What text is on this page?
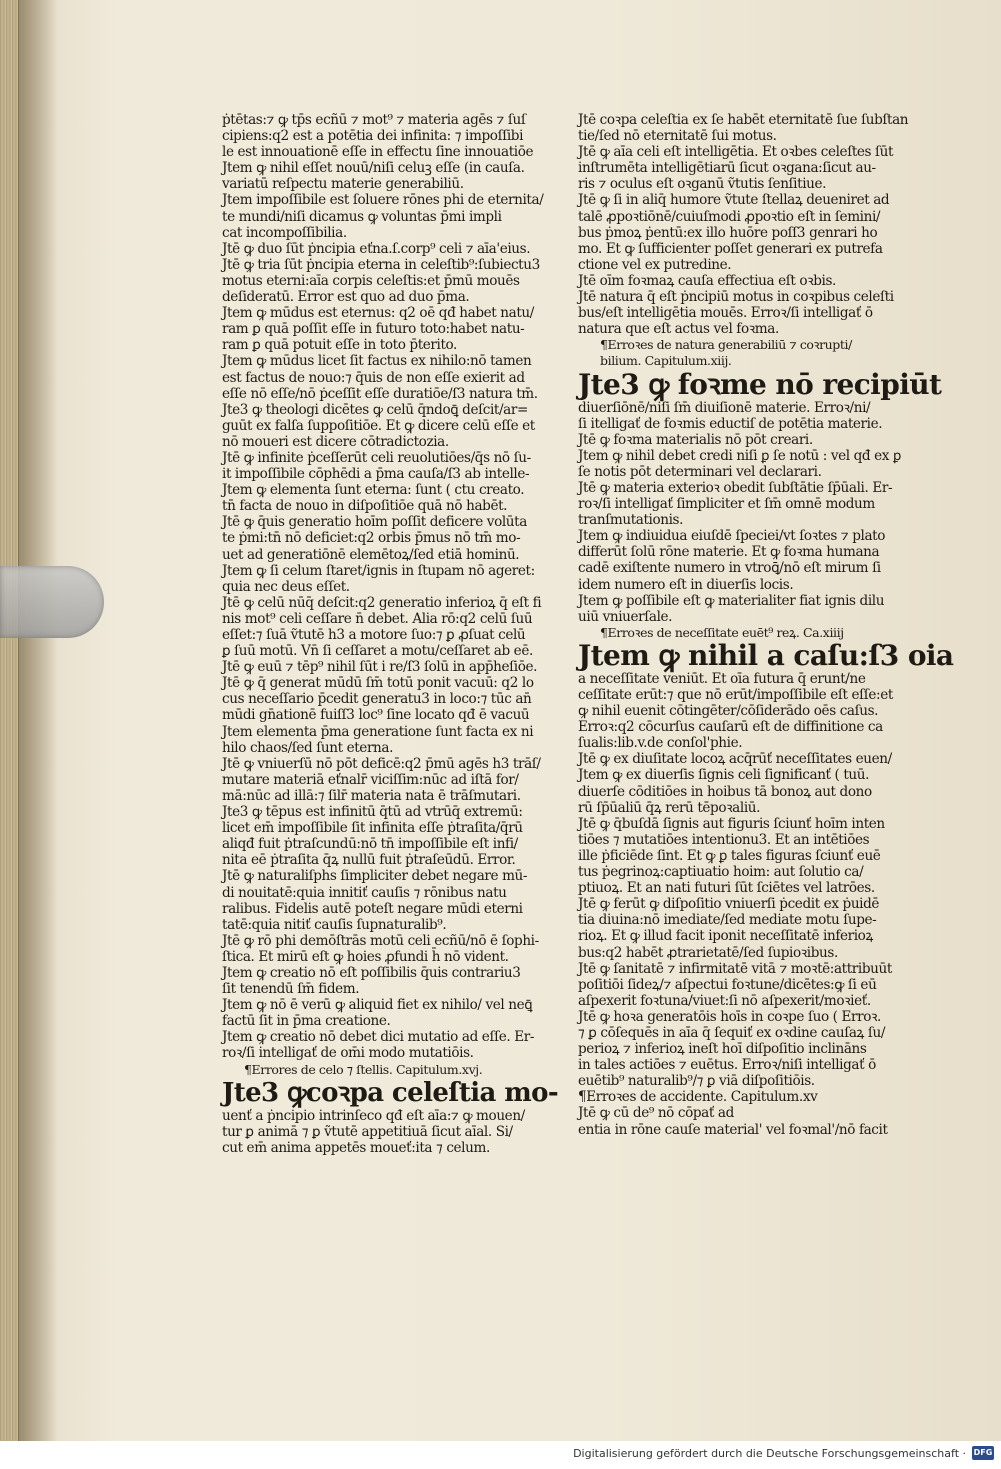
ṗtētas:⁊ ꝙ tp̄s ecñū ⁊ mot⁹ ⁊ materia agēs ⁊ ſuſ
cipiens:q2 est a potētia dei infinita: ⁊ impoſſibi
le est innouationē eſſe in effectu ſine innouatiōe
Jtem ꝙ nihil eſſet nouū/niſi celuꝫ eſſe (in cauſa.
variatū reſpectu materie generabiliū.
Jtem impoſſibile est ſoluere rōnes phi de eternita/
te mundi/niſi dicamus ꝙ voluntas p̄mi impli
cat incompoſſibilia.
Jtē ꝙ duo ſūt ṗncipia eťna.ſ.corp⁹ celi ⁊ aīa'eius.
Jtē ꝙ tria ſūt ṗncipia eterna in celeſtib⁹:ſubiectu3
motus eterni:aīa corpis celeſtis:et p̄mū mouēs
deſideratū. Error est quo ad duo p̄ma.
Jtem ꝙ mūdus est eternus: q2 oē qđ habet natu/
ram ꝑ quā poſſit eſſe in futuro toto:habet natu-
ram ꝑ quā potuit eſſe in toto p̄terito.
Jtem ꝙ mūdus licet ſit factus ex nihilo:nō tamen
est factus de nouo:⁊ q̄uis de non eſſe exierit ad
eſſe nō eſſe/nō ṗceſſit eſſe duratiōe/ſ3 natura tm̄.
Jte3 ꝙ theologi dicētes ꝙ celū q̄ndoꝗ̄ deſcit/ar=
guūt ex falſa ſuppoſitiōe. Et ꝙ dicere celū eſſe et
nō moueri est dicere cōtradictozia.
Jtē ꝙ infinite ṗceſſerūt celi reuolutiōes/q̄s nō ſu-
it impoſſibile cōphēdi a p̄ma cauſa/ſ3 ab intelle-
Jtem ꝙ elementa ſunt eterna: ſunt ( ctu creato.
tn̄ facta de nouo in diſpoſitiōe quā nō habēt.
Jtē ꝙ q̄uis generatio hoīm poſſit deficere volūta
te ṗmi:tn̄ nō deficiet:q2 orbis p̄mus nō tm̄ mo-
uet ad generatiōnē elemētoꝝ/ſed etiā hominū.
Jtem ꝙ ſi celum ſtaret/ignis in ſtupam nō ageret:
quia nec deus eſſet.
Jtē ꝙ celū nūq̄ deſcit:q2 generatio inferioꝝ q̄ eſt fi
nis mot⁹ celi ceſſare n̄ debet. Alia rō:q2 celū ſuū
eſſet:⁊ ſuā ṽtutē h3 a motore ſuo:⁊ ꝑ ꝓſuat celū
ꝑ ſuū motū. Vn̄ ſi ceſſaret a motu/ceſſaret ab eē.
Jtē ꝙ euū ⁊ tēp⁹ nihil ſūt i re/ſ3 ſolū in app̄heſiōe.
Jtē ꝙ q̄ generat mūdū ſm̄ totū ponit vacuū: q2 lo
cus neceſſario p̄cedit generatu3 in loco:⁊ tūc an̄
mūdi gn̄ationē fuiſſ3 loc⁹ ſine locato qđ ē vacuū
Jtem elementa p̄ma generatione ſunt facta ex ni
hilo chaos/ſed ſunt eterna.
Jtē ꝙ vniuerſū nō pōt deficē:q2 p̄mū agēs h3 trāſ/
mutare materiā eťnalr̄ viciſſim:nūc ad iſtā for/
mā:nūc ad illā:⁊ ſilr̄ materia nata ē trāſmutari.
Jte3 ꝙ tēpus est infinitū q̄tū ad vtrūq̄ extremū:
licet em̄ impoſſibile ſit infinita eſſe ṗtraſita/q̄rū
aliqđ fuit ṗtraſcundū:nō tn̄ impoſſibile eſt infi/
nita eē ṗtraſita q̄ꝝ nullū fuit ṗtraſeūdū. Error.
Jtē ꝙ naturaliſphs ſimpliciter debet negare mū-
di nouitatē:quia innitiť cauſis ⁊ rōnibus natu
ralibus. Fidelis autē poteſt negare mūdi eterni
tatē:quia nitiť cauſis ſupnaturalib⁹.
Jtē ꝙ rō phi demōſtrās motū celi ecñū/nō ē ſophi-
ſtica. Et mirū eſt ꝙ hoies ꝓfundi h̄ nō vident.
Jtem ꝙ creatio nō eſt poſſibilis q̄uis contrariu3
ſit tenendū ſm̄ fidem.
Jtem ꝙ nō ē verū ꝙ aliquid fiet ex nihilo/ vel neꝗ̄
factū ſit in p̄ma creatione.
Jtem ꝙ creatio nō debet dici mutatio ad eſſe. Er-
roꝛ/ſi intelligať de om̄i modo mutatiōis.
¶Errores de celo ⁊ ſtellis. Capitulum.xvj.
Jte3 ꝙcoꝛpa celeſtia mo-
uenť a ṗncipio intrinſeco qđ eſt aīa:⁊ ꝙ mouen/
tur ꝑ animā ⁊ ꝑ ṽtutē appetitiuā ſicut aīal. Si/
cut em̄ anima appetēs moueť:ita ⁊ celum.
Jtē coꝛpa celeſtia ex ſe habēt eternitatē ſue ſubſtan
tie/ſed nō eternitatē ſui motus.
Jtē ꝙ aīa celi eſt intelligētia. Et oꝛbes celeſtes ſūt
inſtrumēta intelligētiarū ſicut oꝛgana:ſicut au-
ris ⁊ oculus eſt oꝛganū ṽtutis ſenſitiue.
Jtē ꝙ ſi in aliq̄ humore ṽtute ſtellaꝝ deueniret ad
talē ꝓpoꝛtiōnē/cuiuſmodi ꝓpoꝛtio eſt in ſemini/
bus ṗmoꝝ ṗentū:ex illo huōre poſſ3 genrari ho
mo. Et ꝙ ſufficienter poſſet generari ex putrefa
ctione vel ex putredine.
Jtē oīm foꝛmaꝝ cauſa effectiua eſt oꝛbis.
Jtē natura q̄ eſt ṗncipiū motus in coꝛpibus celeſti
bus/eſt intelligētia mouēs. Erroꝛ/ſi intelligať ō
natura que eſt actus vel foꝛma.
¶Erroꝛes de natura generabiliū ⁊ coꝛrupti/
bilium. Capitulum.xiij.
Jte3 ꝙ foꝛme nō recipiūt
diuerſiōnē/niſi ſm̄ diuiſionē materie. Erroꝛ/ni/
ſi itelligať de foꝛmis eductiſ de potētia materie.
Jtē ꝙ foꝛma materialis nō pōt creari.
Jtem ꝙ nihil debet credi niſi ꝑ ſe notū : vel qđ ex ꝑ
ſe notis pōt determinari vel declarari.
Jtē ꝙ materia exterioꝛ obedit ſubſtātie ſp̄ūali. Er-
roꝛ/ſi intelligať ſimpliciter et ſm̄ omnē modum
tranſmutationis.
Jtem ꝙ indiuidua eiuſdē ſpeciei/vt ſoꝛtes ⁊ plato
differūt ſolū rōne materie. Et ꝙ foꝛma humana
cadē exiſtente numero in vtroꝗ̄/nō eſt mirum ſi
idem numero eſt in diuerſis locis.
Jtem ꝙ poſſibile eſt ꝙ materialiter fiat ignis dilu
uiū vniuerſale.
¶Erroꝛes de neceſſitate euēt⁹ reꝝ. Ca.xiiij
Jtem ꝙ nihil a caſu:ſ3 oia
a neceſſitate veniūt. Et oīa futura q̄ erunt/ne
ceſſitate erūt:⁊ que nō erūt/impoſſibile eſt eſſe:et
ꝙ nihil euenit cōtingēter/cōſiderādo oēs caſus.
Erroꝛ:q2 cōcurſus cauſarū eſt de diffinitione ca
ſualis:lib.v.de conſol'phie.
Jtē ꝙ ex diuſitate locoꝝ acq̄rūť neceſſitates euen/
Jtem ꝙ ex diuerſis ſignis celi ſignificanť ( tuū.
diuerſe cōditiōes in hoibus tā bonoꝝ aut dono
rū ſp̄ūaliū q̄ꝝ rerū tēpoꝛaliū.
Jtē ꝙ q̄buſdā ſignis aut figuris ſciunť hoīm inten
tiōes ⁊ mutatiōes intentionu3. Et an intētiōes
ille ṗficiēde ſint. Et ꝙ ꝑ tales figuras ſciunť euē
tus ṗegrinoꝝ:captiuatio hoim: aut ſolutio ca/
ptiuoꝝ. Et an nati futuri ſūt ſciētes vel latrōes.
Jtē ꝙ ferūt ꝙ diſpoſitio vniuerſi ṗcedit ex ṗuidē
tia diuina:nō imediate/ſed mediate motu ſupe-
rioꝝ. Et ꝙ illud facit iponit neceſſitatē inferioꝝ
bus:q2 habēt ꝓtrarietatē/ſed ſupioꝛibus.
Jtē ꝙ ſanitatē ⁊ infirmitatē vitā ⁊ moꝛtē:attribuūt
poſitiōi ſideꝝ/⁊ aſpectui foꝛtune/dicētes:ꝙ ſi eū
aſpexerit foꝛtuna/viuet:ſi nō aſpexerit/moꝛieť.
Jtē ꝙ hoꝛa generatōis hoīs in coꝛpe ſuo ( Erroꝛ.
⁊ ꝑ cōſequēs in aīa q̄ ſequiť ex oꝛdine cauſaꝝ ſu/
perioꝝ ⁊ inferioꝝ ineſt hoī diſpoſitio inclināns
in tales actiōes ⁊ euētus. Erroꝛ/niſi intelligať ō
euētib⁹ naturalib⁹/⁊ ꝑ viā diſpoſitiōis.
¶Erroꝛes de accidente. Capitulum.xv
Jtē ꝙ cū de⁹ nō cōpať ad
entia in rōne cauſe material' vel foꝛmal'/nō facit
Digitalisierung gefördert durch die Deutsche Forschungsgemeinschaft · DFG
